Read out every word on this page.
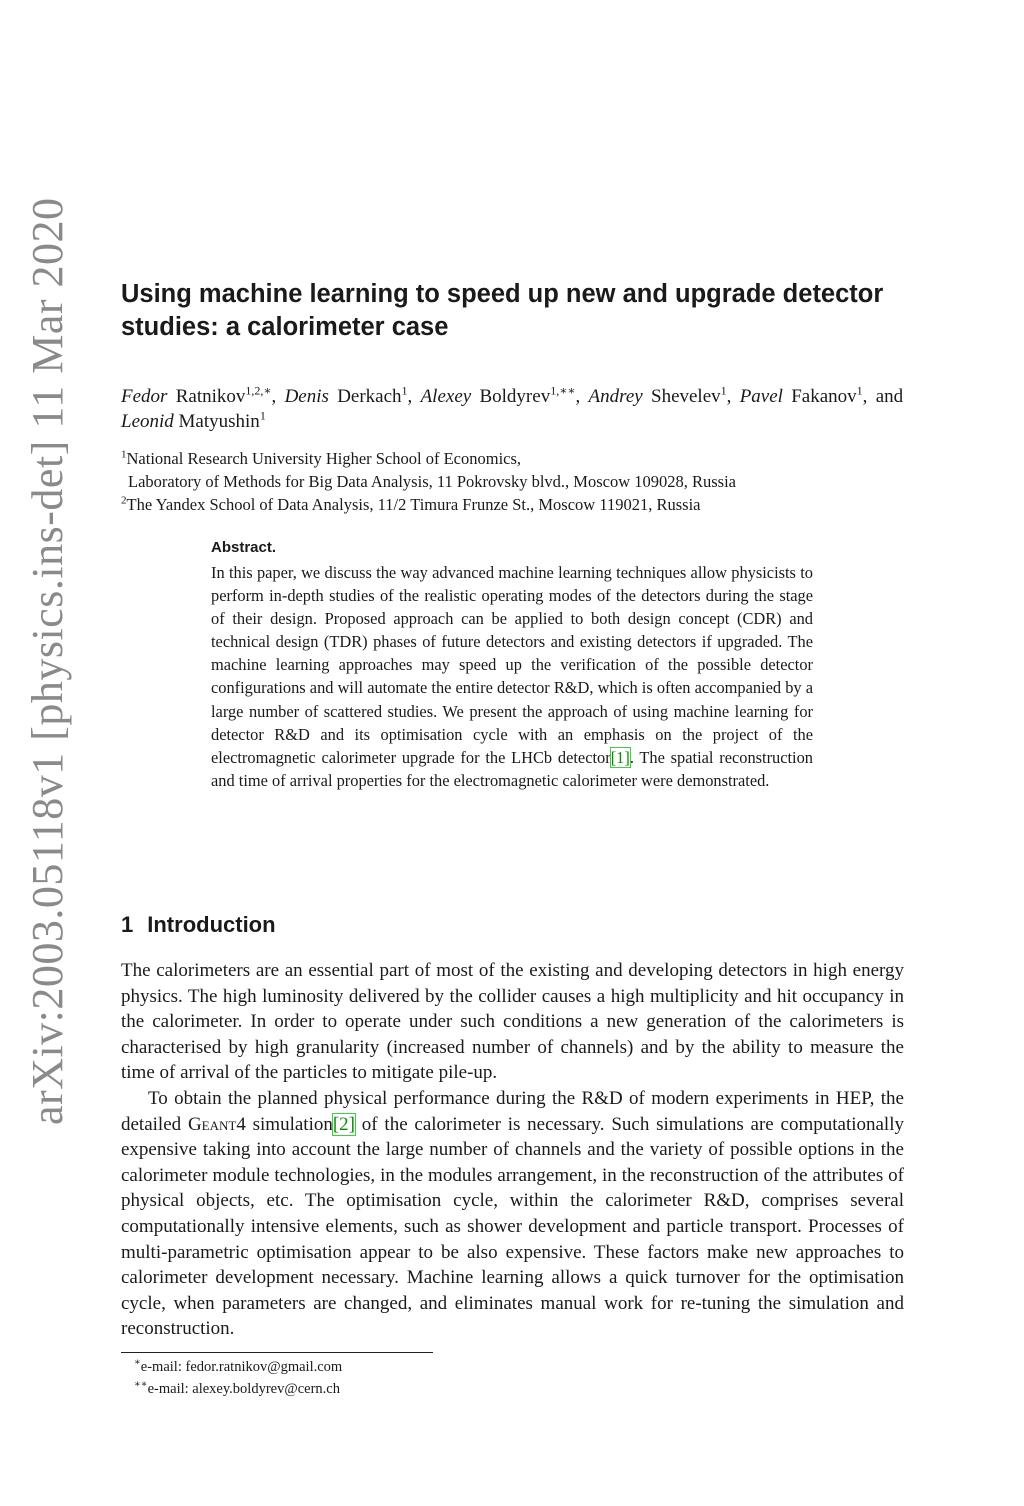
arXiv:2003.05118v1 [physics.ins-det] 11 Mar 2020 Using machine learning to speed up new and upgrade detector studies: a calorimeter case
Fedor Ratnikov$^{1,2,∗}$, Denis Derkach$^1$, Alexey Boldyrev$^{1,∗∗}$, Andrey Shevelev$^1$, Pavel Fakanov$^1$, and Leonid Matyushin$^1$
$^1$National Research University Higher School of Economics,
Laboratory of Methods for Big Data Analysis, 11 Pokrovsky blvd., Moscow 109028, Russia
$^2$The Yandex School of Data Analysis, 11/2 Timura Frunze St., Moscow 119021, Russia
Abstract.
In this paper, we discuss the way advanced machine learning techniques allow physicists to perform in-depth studies of the realistic operating modes of the detectors during the stage of their design. Proposed approach can be applied to both design concept (CDR) and technical design (TDR) phases of future detectors and existing detectors if upgraded. The machine learning approaches may speed up the verification of the possible detector configurations and will automate the entire detector R&D, which is often accompanied by a large number of scattered studies. We present the approach of using machine learning for detector R&D and its optimisation cycle with an emphasis on the project of the electromagnetic calorimeter upgrade for the LHCb detector[1]. The spatial reconstruction and time of arrival properties for the electromagnetic calorimeter were demonstrated.
1 Introduction

The calorimeters are an essential part of most of the existing and developing detectors in high energy physics. The high luminosity delivered by the collider causes a high multiplicity and hit occupancy in the calorimeter. In order to operate under such conditions a new generation of the calorimeters is characterised by high granularity (increased number of channels) and by the ability to measure the time of arrival of the particles to mitigate pile-up.

To obtain the planned physical performance during the R&D of modern experiments in HEP, the detailed Geant4 simulation[2] of the calorimeter is necessary. Such simulations are computationally expensive taking into account the large number of channels and the variety of possible options in the calorimeter module technologies, in the modules arrangement, in the reconstruction of the attributes of physical objects, etc. The optimisation cycle, within the calorimeter R&D, comprises several computationally intensive elements, such as shower development and particle transport. Processes of multi-parametric optimisation appear to be also expensive. These factors make new approaches to calorimeter development necessary. Machine learning allows a quick turnover for the optimisation cycle, when parameters are changed, and eliminates manual work for re-tuning the simulation and reconstruction.

∗e-mail: fedor.ratnikov@gmail.com
∗∗e-mail: alexey.boldyrev@cern.ch
